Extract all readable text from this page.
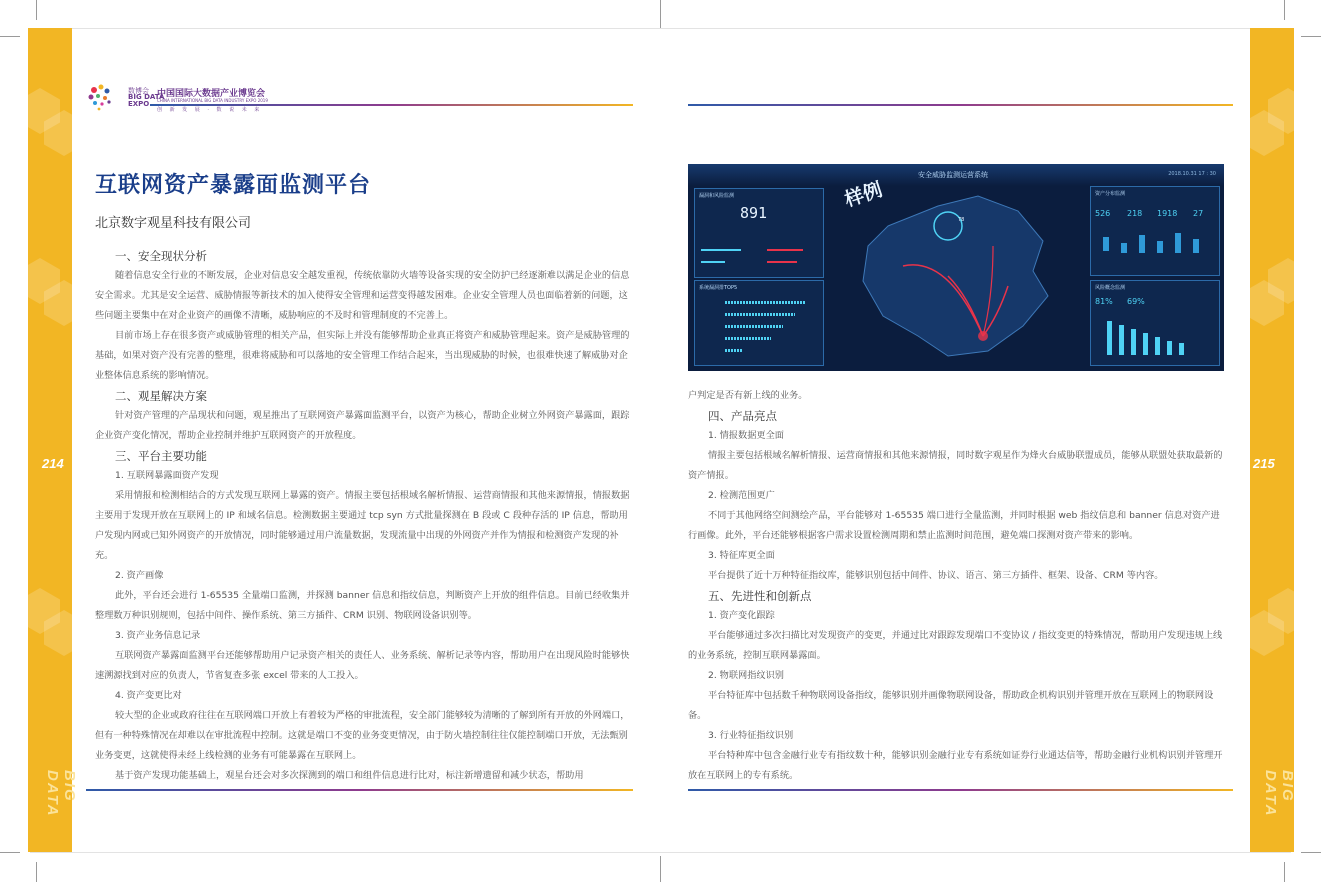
214
BIG DATA
215
BIG DATA
数博会
BIG DATA EXPO
中国国际大数据产业博览会
CHINA INTERNATIONAL BIG DATA INDUSTRY EXPO 2019
创 新 发 展 · 数 说 未 来
互联网资产暴露面监测平台
北京数字观星科技有限公司

一、安全现状分析

随着信息安全行业的不断发展，企业对信息安全越发重视，传统依靠防火墙等设备实现的安全防护已经逐渐难以满足企业的信息安全需求。尤其是安全运营、威胁情报等新技术的加入使得安全管理和运营变得越发困难。企业安全管理人员也面临着新的问题，这些问题主要集中在对企业资产的画像不清晰，威胁响应的不及时和管理制度的不完善上。

目前市场上存在很多资产或威胁管理的相关产品，但实际上并没有能够帮助企业真正将资产和威胁管理起来。资产是威胁管理的基础，如果对资产没有完善的整理，很难将威胁和可以落地的安全管理工作结合起来，当出现威胁的时候，也很难快速了解威胁对企业整体信息系统的影响情况。

二、观星解决方案

针对资产管理的产品现状和问题，观星推出了互联网资产暴露面监测平台，以资产为核心，帮助企业树立外网资产暴露面，跟踪企业资产变化情况，帮助企业控制并维护互联网资产的开放程度。

三、平台主要功能

1. 互联网暴露面资产发现

采用情报和检测相结合的方式发现互联网上暴露的资产。情报主要包括根域名解析情报、运营商情报和其他来源情报，情报数据主要用于发现开放在互联网上的 IP 和域名信息。检测数据主要通过 tcp syn 方式批量探测在 B 段或 C 段种存活的 IP 信息，帮助用户发现内网或已知外网资产的开放情况，同时能够通过用户流量数据，发现流量中出现的外网资产并作为情报和检测资产发现的补充。

2. 资产画像

此外，平台还会进行 1-65535 全量端口监测，并探测 banner 信息和指纹信息，判断资产上开放的组件信息。目前已经收集并整理数万种识别规则，包括中间件、操作系统、第三方插件、CRM 识别、物联网设备识别等。

3. 资产业务信息记录

互联网资产暴露面监测平台还能够帮助用户记录资产相关的责任人、业务系统、解析记录等内容，帮助用户在出现风险时能够快速溯源找到对应的负责人，节省复查多张 excel 带来的人工投入。

4. 资产变更比对

较大型的企业或政府往往在互联网端口开放上有着较为严格的审批流程，安全部门能够较为清晰的了解到所有开放的外网端口，但有一种特殊情况在却难以在审批流程中控制。这就是端口不变的业务变更情况，由于防火墙控制往往仅能控制端口开放，无法甄别业务变更，这就使得未经上线检测的业务有可能暴露在互联网上。

基于资产发现功能基础上，观星台还会对多次探测到的端口和组件信息进行比对，标注新增遗留和减少状态，帮助用

户判定是否有新上线的业务。

四、产品亮点

1. 情报数据更全面

情报主要包括根域名解析情报、运营商情报和其他来源情报，同时数字观星作为烽火台威胁联盟成员，能够从联盟处获取最新的资产情报。

2. 检测范围更广

不同于其他网络空间测绘产品，平台能够对 1-65535 端口进行全量监测，并同时根据 web 指纹信息和 banner 信息对资产进行画像。此外，平台还能够根据客户需求设置检测周期和禁止监测时间范围，避免端口探测对资产带来的影响。

3. 特征库更全面

平台提供了近十万种特征指纹库，能够识别包括中间件、协议、语言、第三方插件、框架、设备、CRM 等内容。

五、先进性和创新点

1. 资产变化跟踪

平台能够通过多次扫描比对发现资产的变更，并通过比对跟踪发现端口不变协议 / 指纹变更的特殊情况，帮助用户发现违规上线的业务系统，控制互联网暴露面。

2. 物联网指纹识别

平台特征库中包括数千种物联网设备指纹，能够识别并画像物联网设备，帮助政企机构识别并管理开放在互联网上的物联网设备。

3. 行业特征指纹识别

平台特种库中包含金融行业专有指纹数十种，能够识别金融行业专有系统如证券行业通达信等，帮助金融行业机构识别并管理开放在互联网上的专有系统。

安全威胁监测运营系统	2018.10.31 17 : 30
漏洞和风险监测
891
系统漏洞排TOP5
78
样例	资产分布监测
526 218 1918 27
风险概念监测
81% 69%
